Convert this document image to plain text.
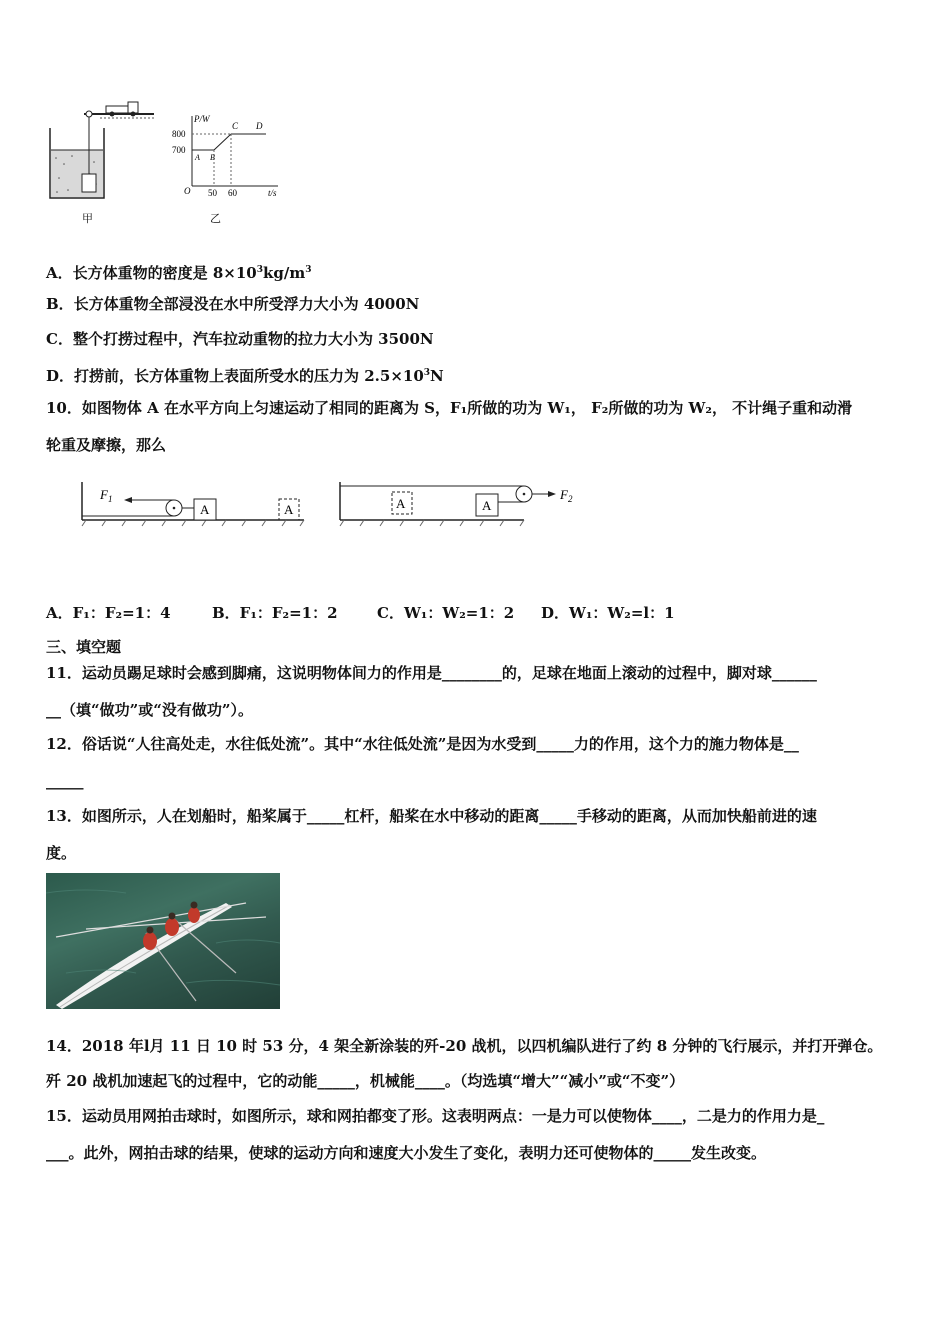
P/W
800
700
O 50 60	t/s
A B
C D
甲	乙
A．长方体重物的密度是 $8\times 10^3kg/m^3$
B．长方体重物全部浸没在水中所受浮力大小为 4000N
C．整个打捞过程中，汽车拉动重物的拉力大小为 3500N
D．打捞前，长方体重物上表面所受水的压力为 $2.5\times 10^3N$
10．如图物体 A 在水平方向上匀速运动了相同的距离为 S，F₁所做的功为 W₁， F₂所做的功为 W₂， 不计绳子重和动滑
轮重及摩擦，那么
A	A
$F_1$	A
A
$F_2$
A．F₁：F₂=1：4	B．F₁：F₂=1：2	C．W₁：W₂=1：2 D．W₁：W₂=l：1
三、填空题
11．运动员踢足球时会感到脚痛，这说明物体间力的作用是________的，足球在地面上滚动的过程中，脚对球______
__（填“做功”或“没有做功”）。
12．俗话说“人往高处走，水往低处流”。其中“水往低处流”是因为水受到_____力的作用，这个力的施力物体是__
_____
13．如图所示，人在划船时，船桨属于_____杠杆，船桨在水中移动的距离_____手移动的距离，从而加快船前进的速
度。
14．2018 年l月 11 日 10 时 53 分，4 架全新涂装的歼-20 战机，以四机编队进行了约 8 分钟的飞行展示，并打开弹仓。
歼 20 战机加速起飞的过程中，它的动能_____，机械能____。（均选填“增大”“减小”或“不变”）
15．运动员用网拍击球时，如图所示，球和网拍都变了形。这表明两点：一是力可以使物体____，二是力的作用力是_
___。此外，网拍击球的结果，使球的运动方向和速度大小发生了变化，表明力还可使物体的_____发生改变。
